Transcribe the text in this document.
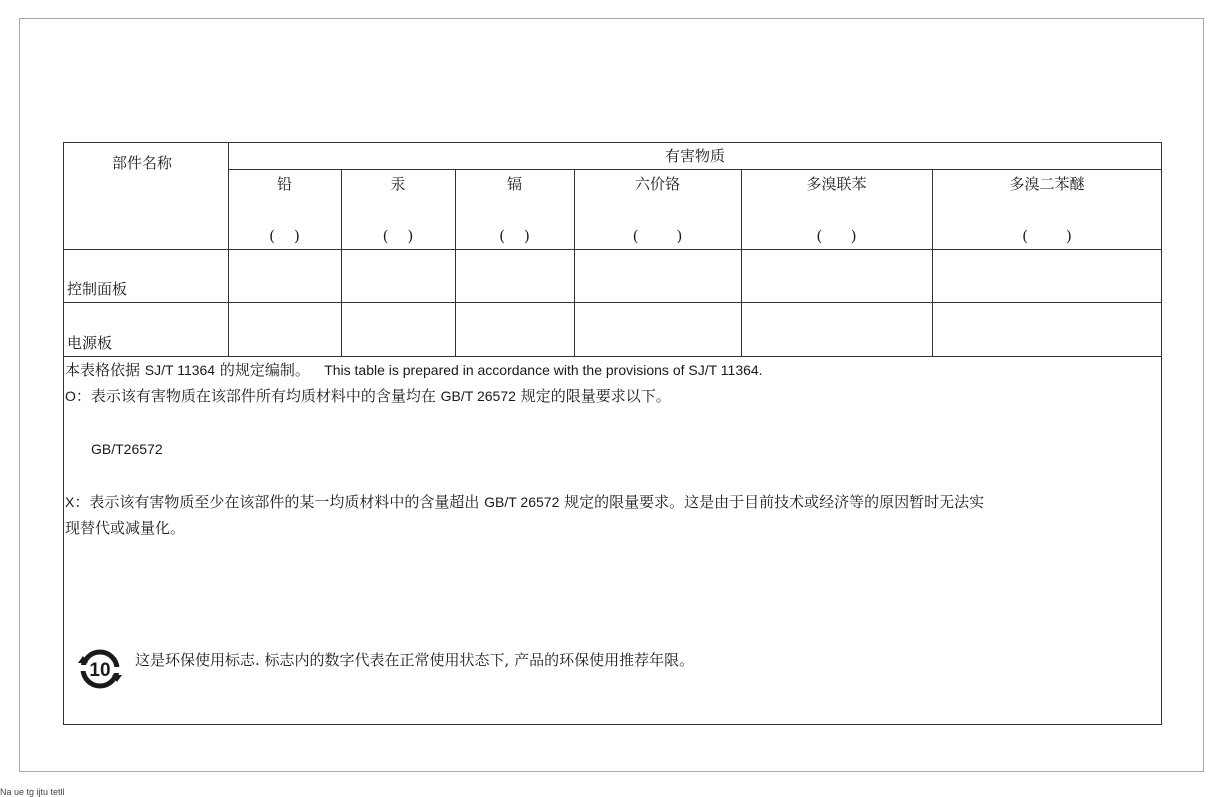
部件名称	有害物质
铅	汞	镉	六价铬	多溴联苯	多溴二苯醚
(    )	(    )	(    )	(        )	(      )	(        )
控制面板
电源板
本表格依据 SJ/T 11364 的规定编制。 This table is prepared in accordance with the provisions of SJ/T 11364.
O：表示该有害物质在该部件所有均质材料中的含量均在 GB/T 26572 规定的限量要求以下。
GB/T26572
X：表示该有害物质至少在该部件的某一均质材料中的含量超出 GB/T 26572 规定的限量要求。这是由于目前技术或经济等的原因暂时无法实
现替代或减量化。
10 这是环保使用标志. 标志内的数字代表在正常使用状态下, 产品的环保使用推荐年限。
Na ue tg ijtu tetll
